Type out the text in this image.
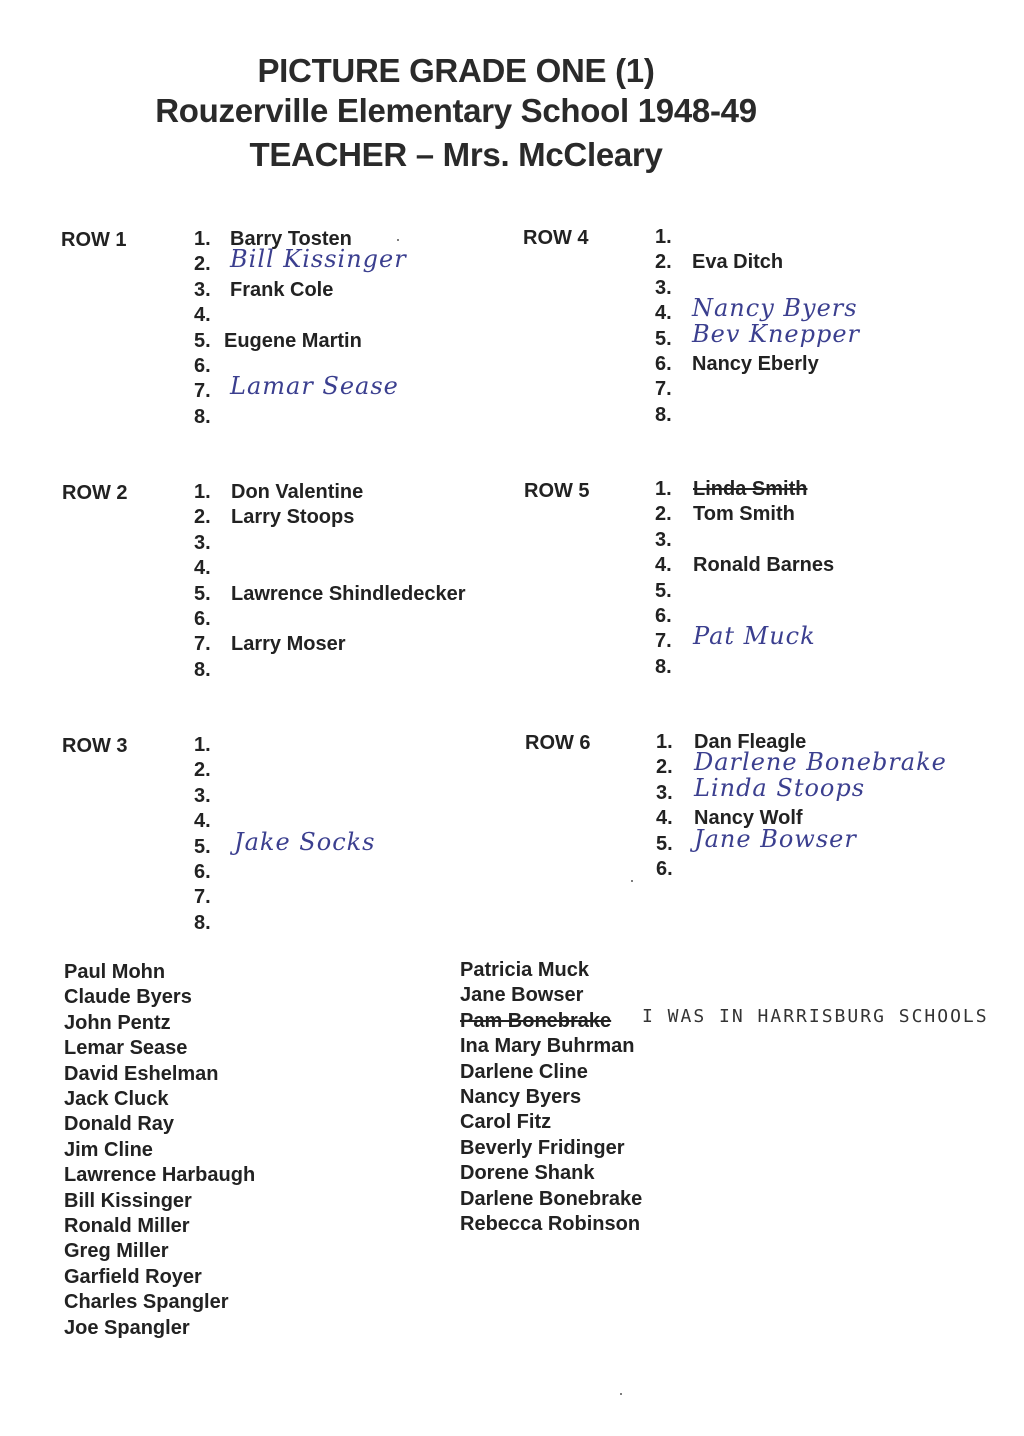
PICTURE GRADE ONE (1)
Rouzerville Elementary School 1948-49
TEACHER – Mrs. McCleary
ROW 1	1. Barry Tosten
2. Bill Kissinger
3. Frank Cole
4.
5. Eugene Martin
6.
7. Lamar Sease
8.
ROW 2	1. Don Valentine
2. Larry Stoops
3.
4.
5. Lawrence Shindledecker
6.
7. Larry Moser
8.
ROW 3	1.
2.
3.
4.
5. Jake Socks
6.
7.
8.
ROW 4	1.
2. Eva Ditch
3.
4. Nancy Byers
5. Bev Knepper
6. Nancy Eberly
7.
8.
ROW 5	1. Linda Smith
2. Tom Smith
3.
4. Ronald Barnes
5.
6.
7. Pat Muck
8.
ROW 6	1. Dan Fleagle
2. Darlene Bonebrake
3. Linda Stoops
4. Nancy Wolf
5. Jane Bowser
6.
Paul Mohn
Claude Byers
John Pentz
Lemar Sease
David Eshelman
Jack Cluck
Donald Ray
Jim Cline
Lawrence Harbaugh
Bill Kissinger
Ronald Miller
Greg Miller
Garfield Royer
Charles Spangler
Joe Spangler
Patricia Muck
Jane Bowser
Pam Bonebrake
Ina Mary Buhrman
Darlene Cline
Nancy Byers
Carol Fitz
Beverly Fridinger
Dorene Shank
Darlene Bonebrake
Rebecca Robinson
I WAS IN HARRISBURG SCHOOLS
